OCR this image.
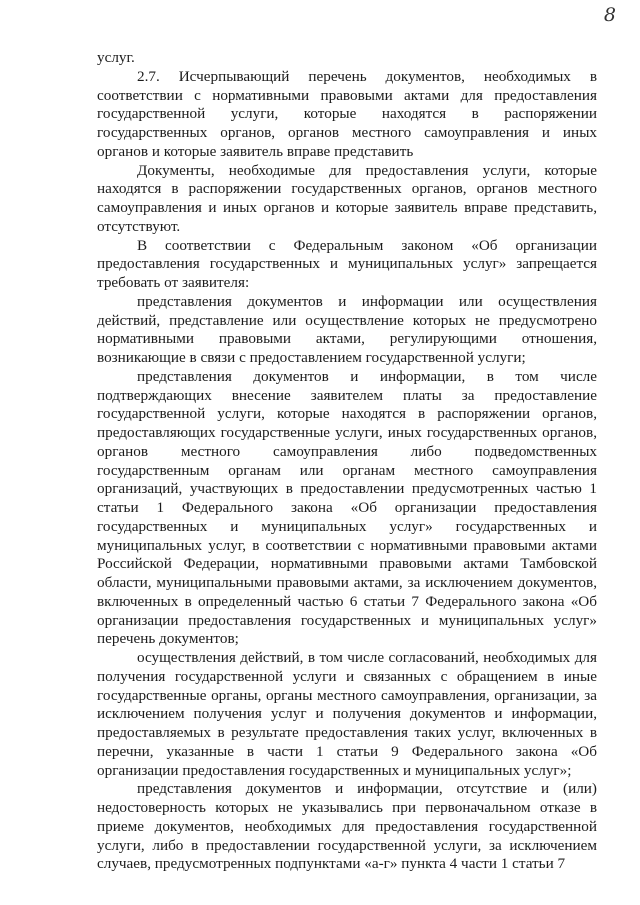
8

услуг.

2.7. Исчерпывающий перечень документов, необходимых в соответствии с нормативными правовыми актами для предоставления государственной услуги, которые находятся в распоряжении государственных органов, органов местного самоуправления и иных органов и которые заявитель вправе представить

Документы, необходимые для предоставления услуги, которые находятся в распоряжении государственных органов, органов местного самоуправления и иных органов и которые заявитель вправе представить, отсутствуют.

В соответствии с Федеральным законом «Об организации предоставления государственных и муниципальных услуг» запрещается требовать от заявителя:

представления документов и информации или осуществления действий, представление или осуществление которых не предусмотрено нормативными правовыми актами, регулирующими отношения, возникающие в связи с предоставлением государственной услуги;

представления документов и информации, в том числе подтверждающих внесение заявителем платы за предоставление государственной услуги, которые находятся в распоряжении органов, предоставляющих государственные услуги, иных государственных органов, органов местного самоуправления либо подведомственных государственным органам или органам местного самоуправления организаций, участвующих в предоставлении предусмотренных частью 1 статьи 1 Федерального закона «Об организации предоставления государственных и муниципальных услуг» государственных и муниципальных услуг, в соответствии с нормативными правовыми актами Российской Федерации, нормативными правовыми актами Тамбовской области, муниципальными правовыми актами, за исключением документов, включенных в определенный частью 6 статьи 7 Федерального закона «Об организации предоставления государственных и муниципальных услуг» перечень документов;

осуществления действий, в том числе согласований, необходимых для получения государственной услуги и связанных с обращением в иные государственные органы, органы местного самоуправления, организации, за исключением получения услуг и получения документов и информации, предоставляемых в результате предоставления таких услуг, включенных в перечни, указанные в части 1 статьи 9 Федерального закона «Об организации предоставления государственных и муниципальных услуг»;

представления документов и информации, отсутствие и (или) недостоверность которых не указывались при первоначальном отказе в приеме документов, необходимых для предоставления государственной услуги, либо в предоставлении государственной услуги, за исключением случаев, предусмотренных подпунктами «а-г» пункта 4 части 1 статьи 7
